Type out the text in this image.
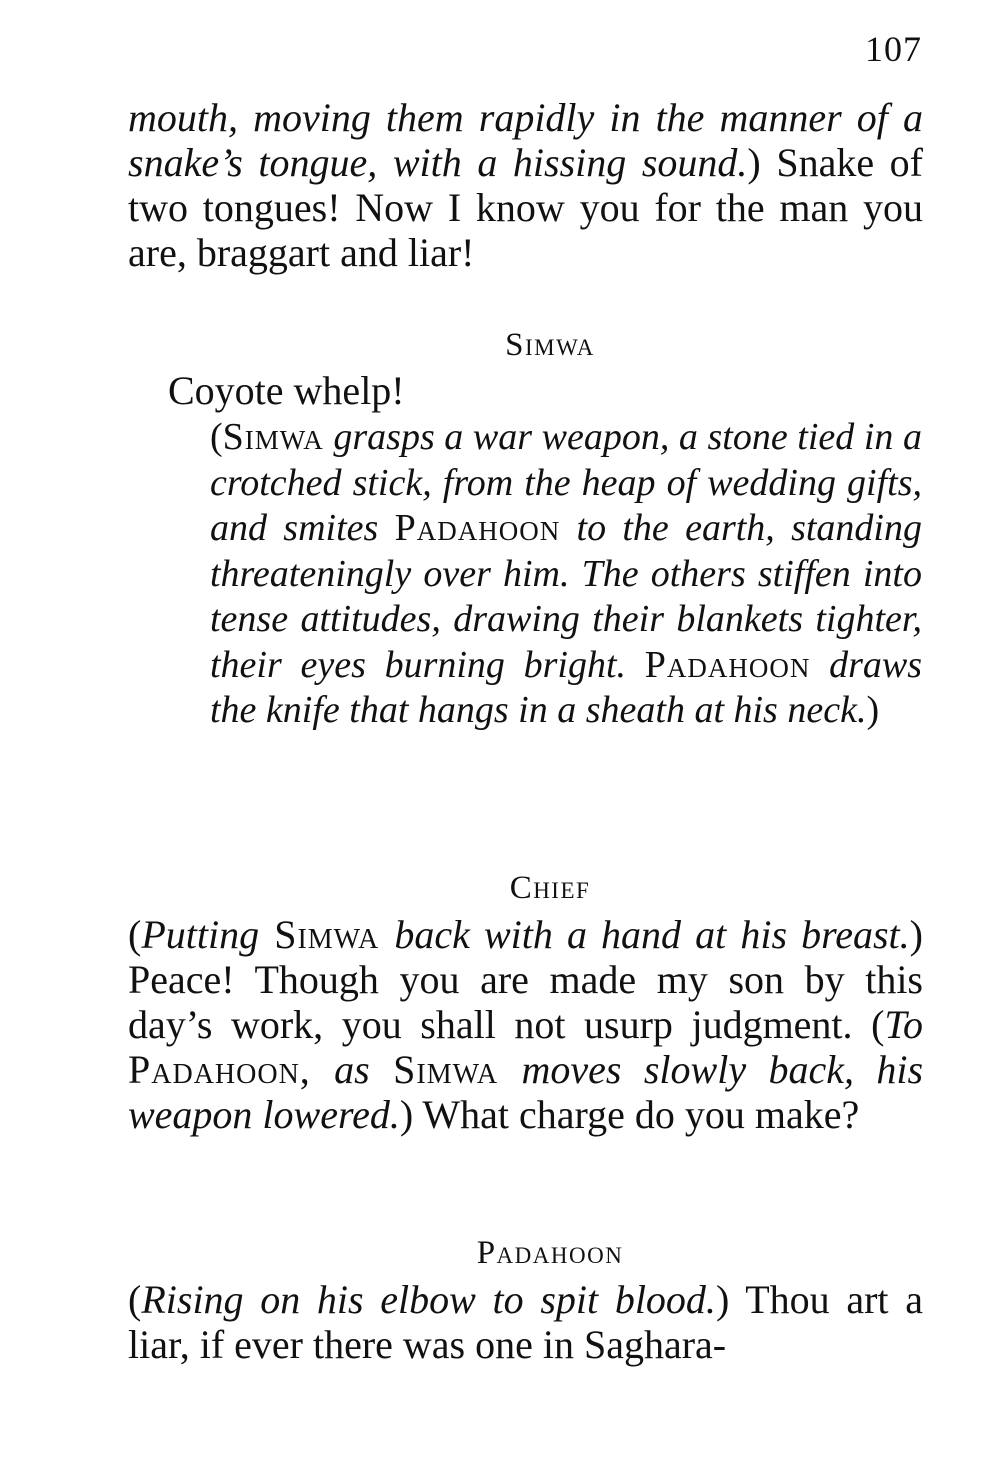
107
mouth, moving them rapidly in the manner of a snake’s tongue, with a hissing sound.) Snake of two tongues! Now I know you for the man you are, braggart and liar!
Simwa
Coyote whelp!
(Simwa grasps a war weapon, a stone tied in a crotched stick, from the heap of wedding gifts, and smites Padahoon to the earth, standing threateningly over him. The others stiffen into tense attitudes, drawing their blankets tighter, their eyes burning bright. Padahoon draws the knife that hangs in a sheath at his neck.)
Chief
(Putting Simwa back with a hand at his breast.) Peace! Though you are made my son by this day’s work, you shall not usurp judgment. (To Padahoon, as Simwa moves slowly back, his weapon lowered.) What charge do you make?
Padahoon
(Rising on his elbow to spit blood.) Thou art a liar, if ever there was one in Saghara-
